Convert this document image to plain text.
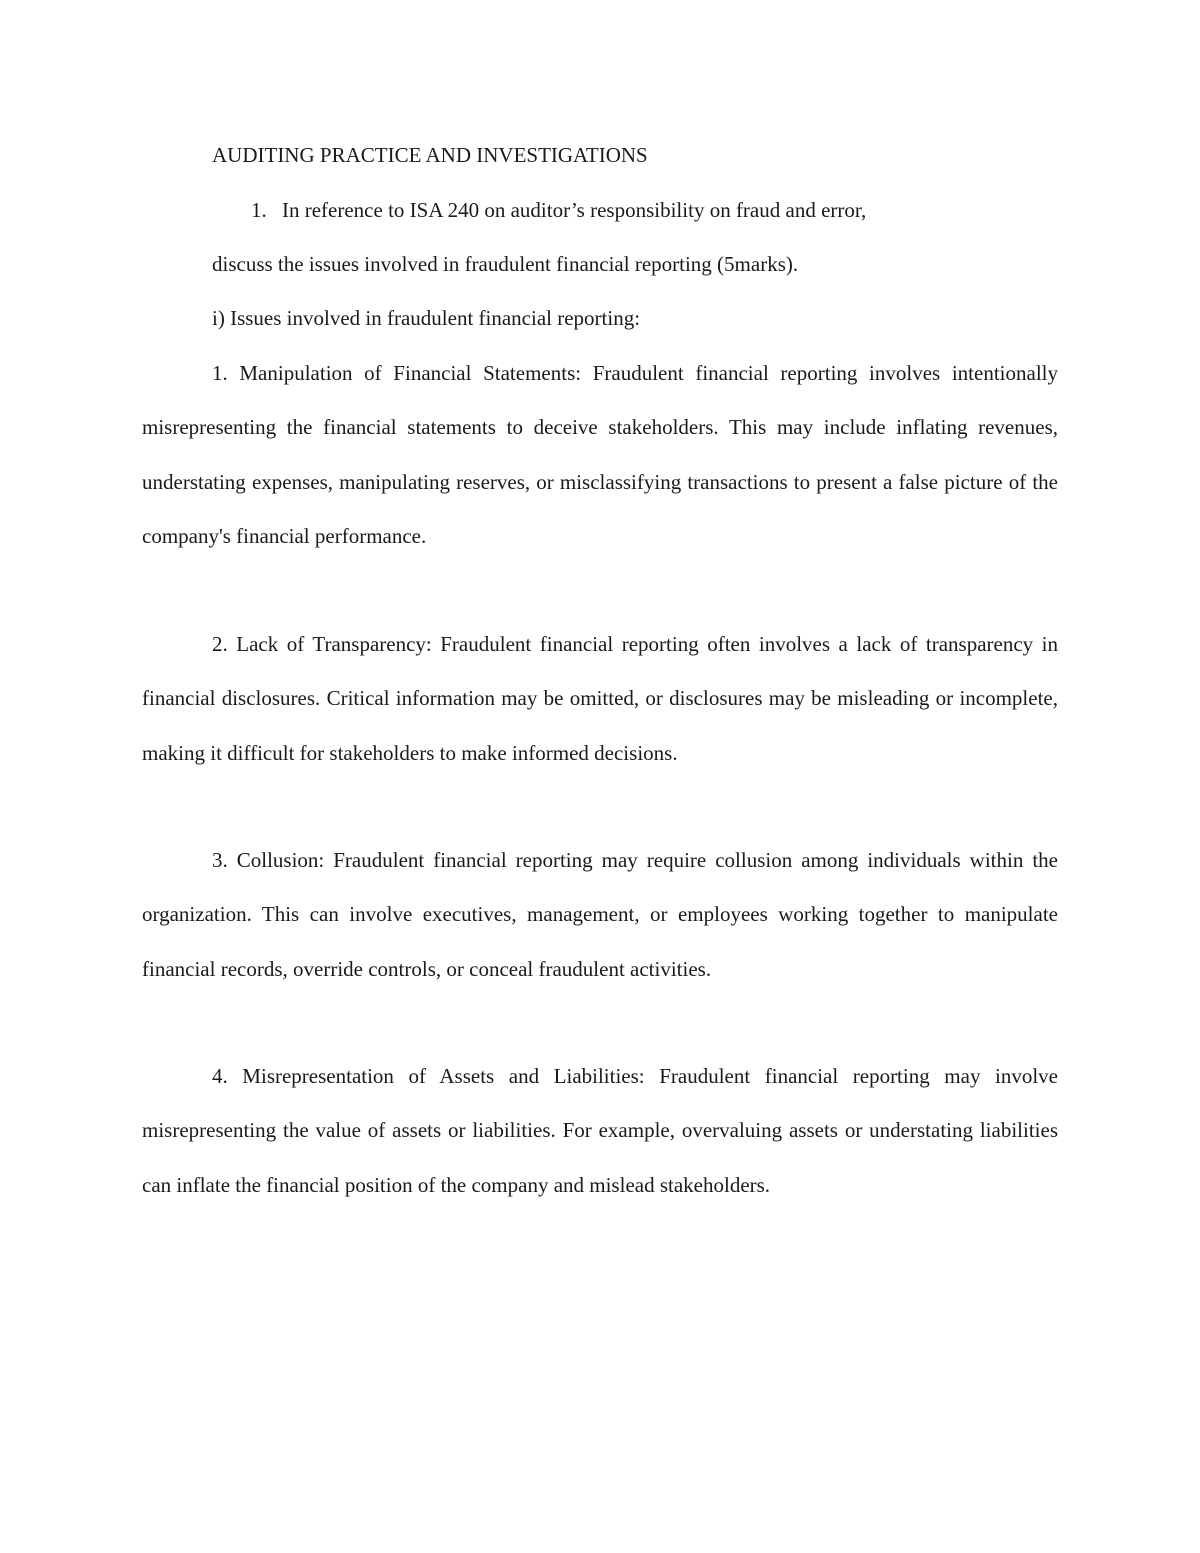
AUDITING PRACTICE AND INVESTIGATIONS
1. In reference to ISA 240 on auditor’s responsibility on fraud and error,

discuss the issues involved in fraudulent financial reporting (5marks).

i) Issues involved in fraudulent financial reporting:

1. Manipulation of Financial Statements: Fraudulent financial reporting involves intentionally misrepresenting the financial statements to deceive stakeholders. This may include inflating revenues, understating expenses, manipulating reserves, or misclassifying transactions to present a false picture of the company's financial performance.

2. Lack of Transparency: Fraudulent financial reporting often involves a lack of transparency in financial disclosures. Critical information may be omitted, or disclosures may be misleading or incomplete, making it difficult for stakeholders to make informed decisions.

3. Collusion: Fraudulent financial reporting may require collusion among individuals within the organization. This can involve executives, management, or employees working together to manipulate financial records, override controls, or conceal fraudulent activities.

4. Misrepresentation of Assets and Liabilities: Fraudulent financial reporting may involve misrepresenting the value of assets or liabilities. For example, overvaluing assets or understating liabilities can inflate the financial position of the company and mislead stakeholders.
